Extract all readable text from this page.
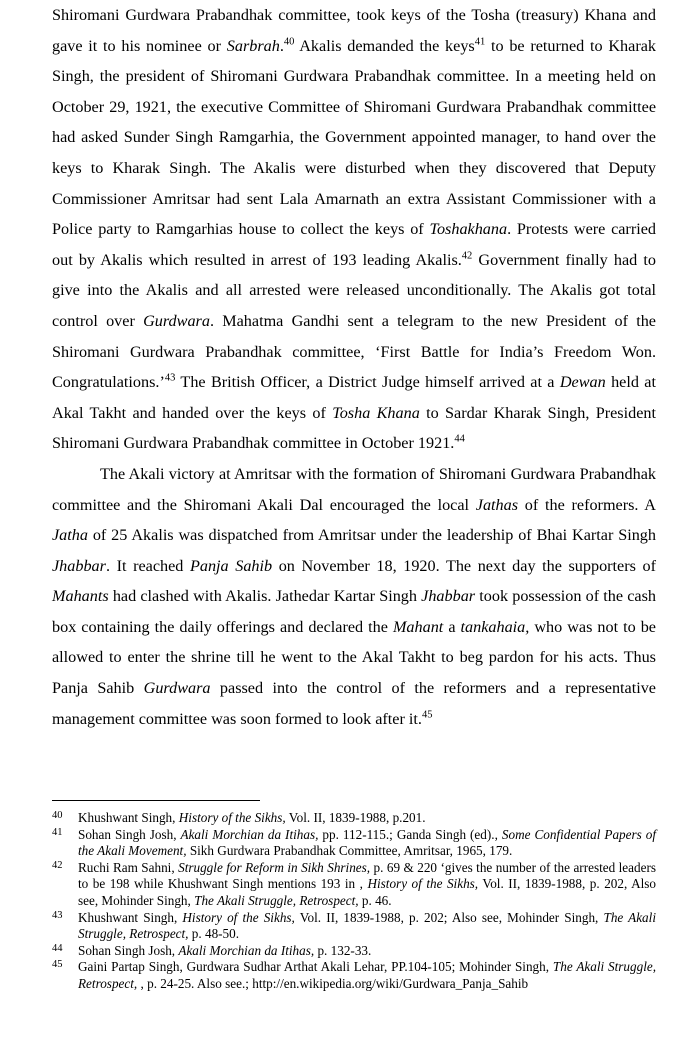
Shiromani Gurdwara Prabandhak committee, took keys of the Tosha (treasury) Khana and gave it to his nominee or Sarbrah.$^{40}$ Akalis demanded the keys$^{41}$ to be returned to Kharak Singh, the president of Shiromani Gurdwara Prabandhak committee. In a meeting held on October 29, 1921, the executive Committee of Shiromani Gurdwara Prabandhak committee had asked Sunder Singh Ramgarhia, the Government appointed manager, to hand over the keys to Kharak Singh. The Akalis were disturbed when they discovered that Deputy Commissioner Amritsar had sent Lala Amarnath an extra Assistant Commissioner with a Police party to Ramgarhias house to collect the keys of Toshakhana. Protests were carried out by Akalis which resulted in arrest of 193 leading Akalis.$^{42}$ Government finally had to give into the Akalis and all arrested were released unconditionally. The Akalis got total control over Gurdwara. Mahatma Gandhi sent a telegram to the new President of the Shiromani Gurdwara Prabandhak committee, ‘First Battle for India’s Freedom Won. Congratulations.’$^{43}$ The British Officer, a District Judge himself arrived at a Dewan held at Akal Takht and handed over the keys of Tosha Khana to Sardar Kharak Singh, President Shiromani Gurdwara Prabandhak committee in October 1921.44

The Akali victory at Amritsar with the formation of Shiromani Gurdwara Prabandhak committee and the Shiromani Akali Dal encouraged the local Jathas of the reformers. A Jatha of 25 Akalis was dispatched from Amritsar under the leadership of Bhai Kartar Singh Jhabbar. It reached Panja Sahib on November 18, 1920. The next day the supporters of Mahants had clashed with Akalis. Jathedar Kartar Singh Jhabbar took possession of the cash box containing the daily offerings and declared the Mahant a tankahaia, who was not to be allowed to enter the shrine till he went to the Akal Takht to beg pardon for his acts. Thus Panja Sahib Gurdwara passed into the control of the reformers and a representative management committee was soon formed to look after it.$^{45}$

40	Khushwant Singh, History of the Sikhs, Vol. II, 1839-1988, p.201.
41	Sohan Singh Josh, Akali Morchian da Itihas, pp. 112-115.; Ganda Singh (ed)., Some Confidential Papers of the Akali Movement, Sikh Gurdwara Prabandhak Committee, Amritsar, 1965, 179.
42	Ruchi Ram Sahni, Struggle for Reform in Sikh Shrines, p. 69 & 220 ‘gives the number of the arrested leaders to be 198 while Khushwant Singh mentions 193 in , History of the Sikhs, Vol. II, 1839-1988, p. 202, Also see, Mohinder Singh, The Akali Struggle, Retrospect, p. 46.
43	Khushwant Singh, History of the Sikhs, Vol. II, 1839-1988, p. 202; Also see, Mohinder Singh, The Akali Struggle, Retrospect, p. 48-50.
44	Sohan Singh Josh, Akali Morchian da Itihas, p. 132-33.
45	Gaini Partap Singh, Gurdwara Sudhar Arthat Akali Lehar, PP.104-105; Mohinder Singh, The Akali Struggle, Retrospect, , p. 24-25. Also see.; http://en.wikipedia.org/wiki/Gurdwara_Panja_Sahib
